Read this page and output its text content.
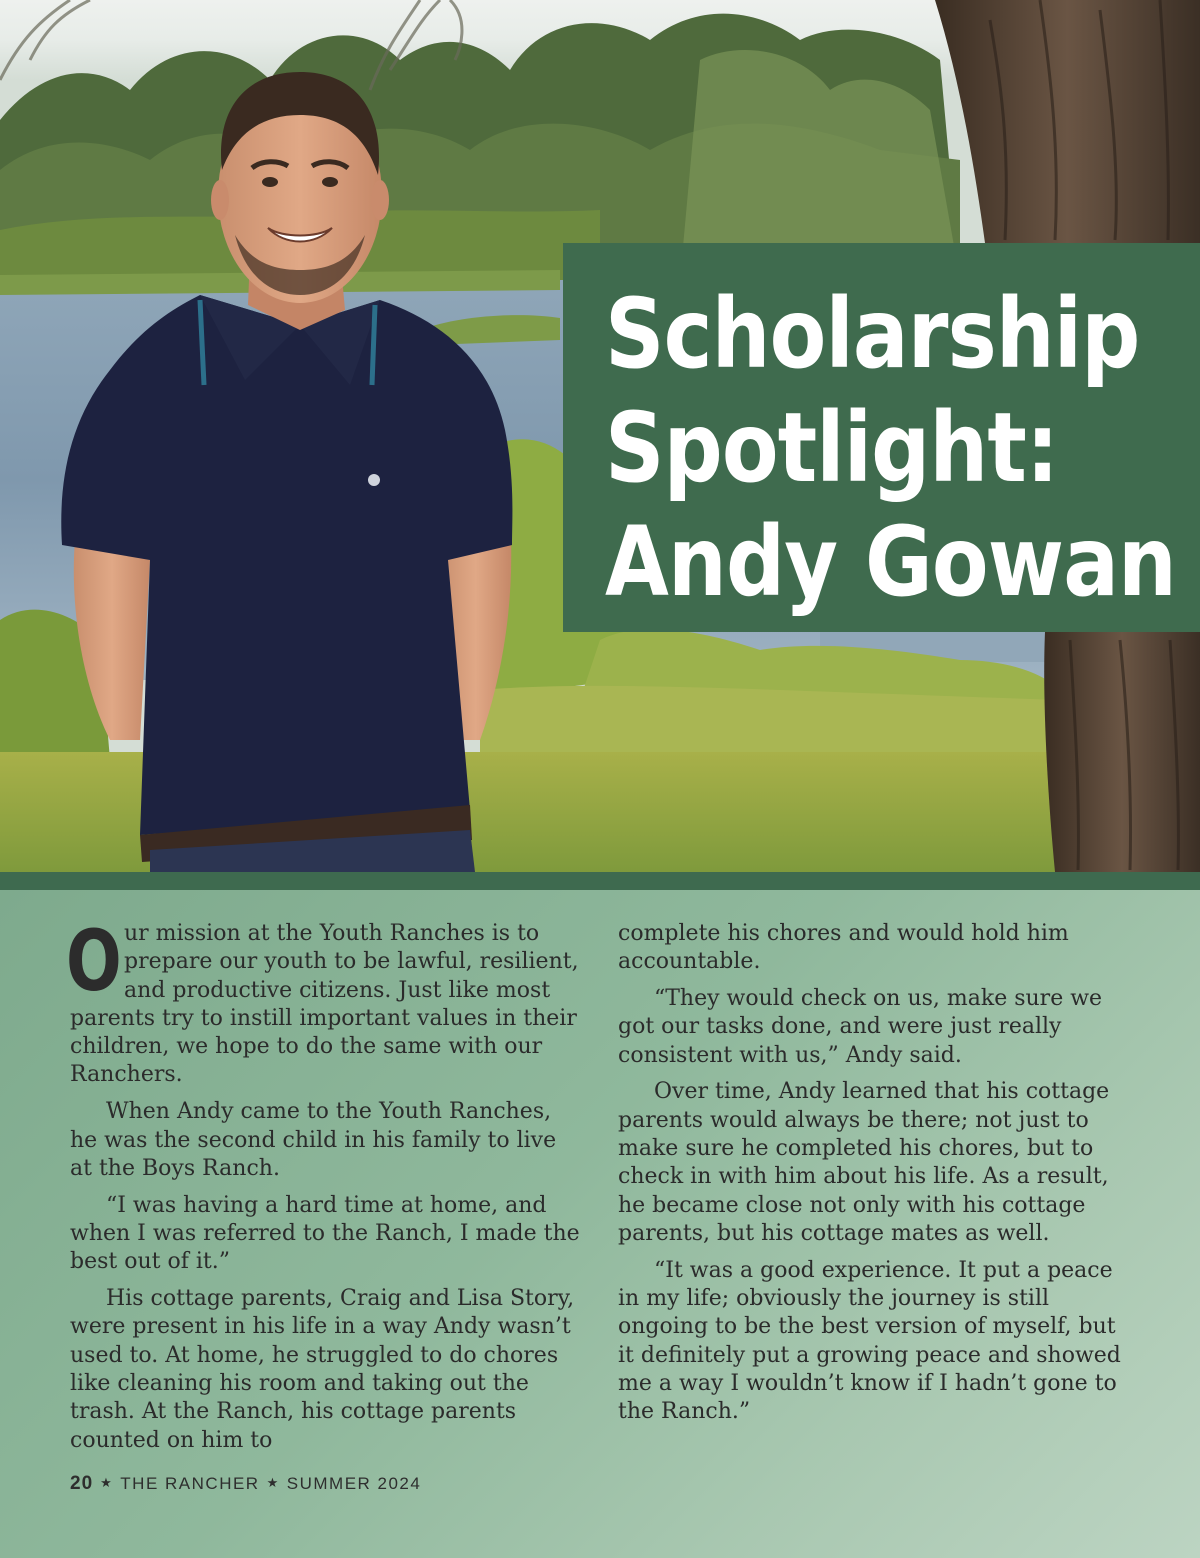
Scholarship
Spotlight:
Andy Gowan

Our mission at the Youth Ranches is to prepare our youth to be lawful, resilient, and productive citizens. Just like most parents try to instill important values in their children, we hope to do the same with our Ranchers.

When Andy came to the Youth Ranches, he was the second child in his family to live at the Boys Ranch.

“I was having a hard time at home, and when I was referred to the Ranch, I made the best out of it.”

His cottage parents, Craig and Lisa Story, were present in his life in a way Andy wasn’t used to. At home, he struggled to do chores like cleaning his room and taking out the trash. At the Ranch, his cottage parents counted on him to

complete his chores and would hold him accountable.

“They would check on us, make sure we got our tasks done, and were just really consistent with us,” Andy said.

Over time, Andy learned that his cottage parents would always be there; not just to make sure he completed his chores, but to check in with him about his life. As a result, he became close not only with his cottage parents, but his cottage mates as well.

“It was a good experience. It put a peace in my life; obviously the journey is still ongoing to be the best version of myself, but it definitely put a growing peace and showed me a way I wouldn’t know if I hadn’t gone to the Ranch.”

20 ★ THE RANCHER ★ SUMMER 2024
